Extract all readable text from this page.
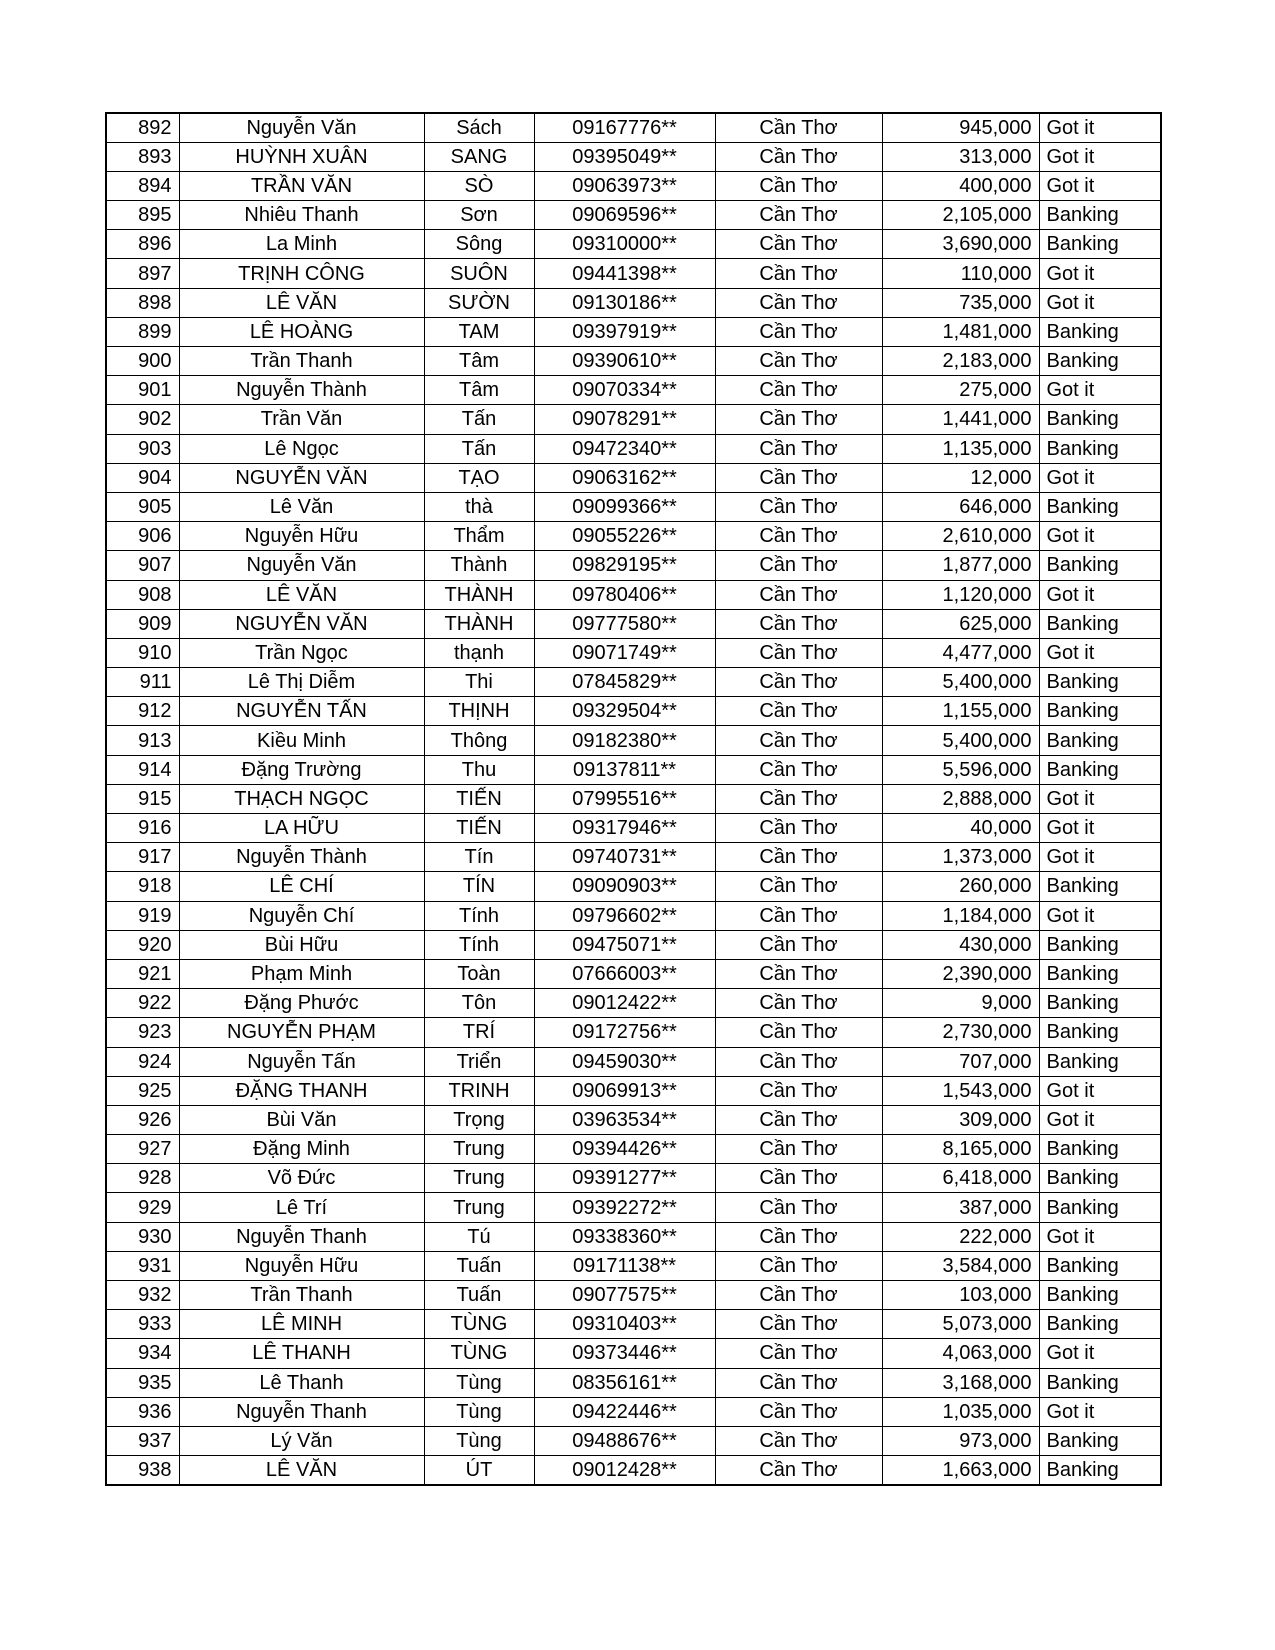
892	Nguyễn Văn	Sách	09167776**	Cần Thơ	945,000	Got it
893	HUỲNH XUÂN	SANG	09395049**	Cần Thơ	313,000	Got it
894	TRẦN VĂN	SÒ	09063973**	Cần Thơ	400,000	Got it
895	Nhiêu Thanh	Sơn	09069596**	Cần Thơ	2,105,000	Banking
896	La Minh	Sông	09310000**	Cần Thơ	3,690,000	Banking
897	TRỊNH CÔNG	SUÔN	09441398**	Cần Thơ	110,000	Got it
898	LÊ VĂN	SƯỜN	09130186**	Cần Thơ	735,000	Got it
899	LÊ HOÀNG	TAM	09397919**	Cần Thơ	1,481,000	Banking
900	Trần Thanh	Tâm	09390610**	Cần Thơ	2,183,000	Banking
901	Nguyễn Thành	Tâm	09070334**	Cần Thơ	275,000	Got it
902	Trần Văn	Tấn	09078291**	Cần Thơ	1,441,000	Banking
903	Lê Ngọc	Tấn	09472340**	Cần Thơ	1,135,000	Banking
904	NGUYỄN VĂN	TẠO	09063162**	Cần Thơ	12,000	Got it
905	Lê Văn	thà	09099366**	Cần Thơ	646,000	Banking
906	Nguyễn Hữu	Thẩm	09055226**	Cần Thơ	2,610,000	Got it
907	Nguyễn Văn	Thành	09829195**	Cần Thơ	1,877,000	Banking
908	LÊ VĂN	THÀNH	09780406**	Cần Thơ	1,120,000	Got it
909	NGUYỄN VĂN	THÀNH	09777580**	Cần Thơ	625,000	Banking
910	Trần Ngọc	thạnh	09071749**	Cần Thơ	4,477,000	Got it
911	Lê Thị Diễm	Thi	07845829**	Cần Thơ	5,400,000	Banking
912	NGUYỄN TẤN	THỊNH	09329504**	Cần Thơ	1,155,000	Banking
913	Kiều Minh	Thông	09182380**	Cần Thơ	5,400,000	Banking
914	Đặng Trường	Thu	09137811**	Cần Thơ	5,596,000	Banking
915	THẠCH NGỌC	TIẾN	07995516**	Cần Thơ	2,888,000	Got it
916	LA HỮU	TIẾN	09317946**	Cần Thơ	40,000	Got it
917	Nguyễn Thành	Tín	09740731**	Cần Thơ	1,373,000	Got it
918	LÊ CHÍ	TÍN	09090903**	Cần Thơ	260,000	Banking
919	Nguyễn Chí	Tính	09796602**	Cần Thơ	1,184,000	Got it
920	Bùi Hữu	Tính	09475071**	Cần Thơ	430,000	Banking
921	Phạm Minh	Toàn	07666003**	Cần Thơ	2,390,000	Banking
922	Đặng Phước	Tôn	09012422**	Cần Thơ	9,000	Banking
923	NGUYỄN PHẠM	TRÍ	09172756**	Cần Thơ	2,730,000	Banking
924	Nguyễn Tấn	Triển	09459030**	Cần Thơ	707,000	Banking
925	ĐẶNG THANH	TRINH	09069913**	Cần Thơ	1,543,000	Got it
926	Bùi Văn	Trọng	03963534**	Cần Thơ	309,000	Got it
927	Đặng Minh	Trung	09394426**	Cần Thơ	8,165,000	Banking
928	Võ Đức	Trung	09391277**	Cần Thơ	6,418,000	Banking
929	Lê Trí	Trung	09392272**	Cần Thơ	387,000	Banking
930	Nguyễn Thanh	Tú	09338360**	Cần Thơ	222,000	Got it
931	Nguyễn Hữu	Tuấn	09171138**	Cần Thơ	3,584,000	Banking
932	Trần Thanh	Tuấn	09077575**	Cần Thơ	103,000	Banking
933	LÊ MINH	TÙNG	09310403**	Cần Thơ	5,073,000	Banking
934	LÊ THANH	TÙNG	09373446**	Cần Thơ	4,063,000	Got it
935	Lê Thanh	Tùng	08356161**	Cần Thơ	3,168,000	Banking
936	Nguyễn Thanh	Tùng	09422446**	Cần Thơ	1,035,000	Got it
937	Lý Văn	Tùng	09488676**	Cần Thơ	973,000	Banking
938	LÊ VĂN	ÚT	09012428**	Cần Thơ	1,663,000	Banking
